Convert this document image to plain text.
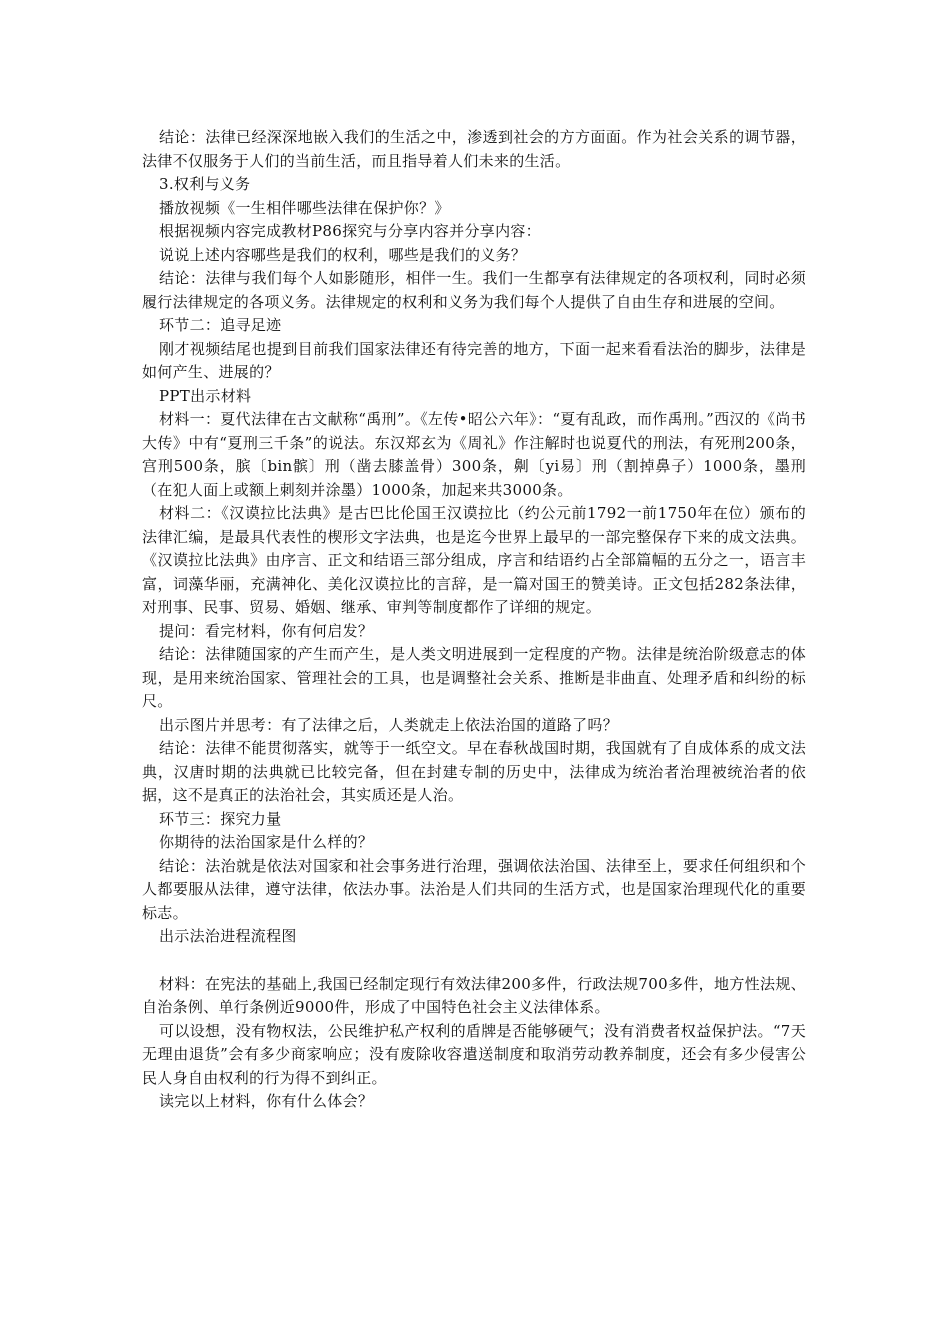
结论：法律已经深深地嵌入我们的生活之中，渗透到社会的方方面面。作为社会关系的调节器，法律不仅服务于人们的当前生活，而且指导着人们未来的生活。

3.权利与义务

播放视频《一生相伴哪些法律在保护你？》

根据视频内容完成教材P86探究与分享内容并分享内容：

说说上述内容哪些是我们的权利，哪些是我们的义务？

结论：法律与我们每个人如影随形，相伴一生。我们一生都享有法律规定的各项权利，同时必须履行法律规定的各项义务。法律规定的权利和义务为我们每个人提供了自由生存和进展的空间。

环节二：追寻足迹

刚才视频结尾也提到目前我们国家法律还有待完善的地方，下面一起来看看法治的脚步，法律是如何产生、进展的？

PPT出示材料

材料一：夏代法律在古文献称“禹刑”。《左传•昭公六年》：“夏有乱政，而作禹刑。”西汉的《尚书大传》中有“夏刑三千条”的说法。东汉郑玄为《周礼》作注解时也说夏代的刑法，有死刑200条，宫刑500条，膑〔bin髌〕刑（凿去膝盖骨）300条，劓〔yi易〕刑（割掉鼻子）1000条，墨刑（在犯人面上或额上刺刻并涂墨）1000条，加起来共3000条。

材料二：《汉谟拉比法典》是古巴比伦国王汉谟拉比（约公元前1792一前1750年在位）颁布的法律汇编，是最具代表性的楔形文字法典，也是迄今世界上最早的一部完整保存下来的成文法典。《汉谟拉比法典》由序言、正文和结语三部分组成，序言和结语约占全部篇幅的五分之一，语言丰富，词藻华丽，充满神化、美化汉谟拉比的言辞，是一篇对国王的赞美诗。正文包括282条法律，对刑事、民事、贸易、婚姻、继承、审判等制度都作了详细的规定。

提问：看完材料，你有何启发？

结论：法律随国家的产生而产生，是人类文明进展到一定程度的产物。法律是统治阶级意志的体现，是用来统治国家、管理社会的工具，也是调整社会关系、推断是非曲直、处理矛盾和纠纷的标尺。

出示图片并思考：有了法律之后，人类就走上依法治国的道路了吗？

结论：法律不能贯彻落实，就等于一纸空文。早在春秋战国时期，我国就有了自成体系的成文法典，汉唐时期的法典就已比较完备，但在封建专制的历史中，法律成为统治者治理被统治者的依据，这不是真正的法治社会，其实质还是人治。

环节三：探究力量

你期待的法治国家是什么样的？

结论：法治就是依法对国家和社会事务进行治理，强调依法治国、法律至上，要求任何组织和个人都要服从法律，遵守法律，依法办事。法治是人们共同的生活方式，也是国家治理现代化的重要标志。

出示法治进程流程图

材料：在宪法的基础上,我国已经制定现行有效法律200多件，行政法规700多件，地方性法规、自治条例、单行条例近9000件，形成了中国特色社会主义法律体系。

可以设想，没有物权法，公民维护私产权利的盾牌是否能够硬气；没有消费者权益保护法。“7天无理由退货”会有多少商家响应；没有废除收容遣送制度和取消劳动教养制度，还会有多少侵害公民人身自由权利的行为得不到纠正。

读完以上材料，你有什么体会？
